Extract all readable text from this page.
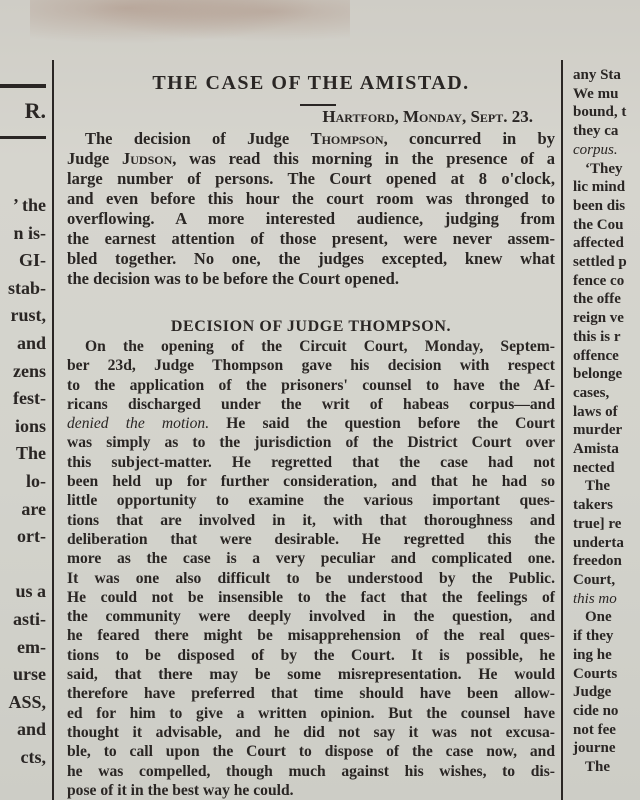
R.
’ the
n is-
GI-
stab-
rust,
and
zens
fest-
ions
The
lo-
are
ort-
us a
asti-
em-
urse
ASS,
and
cts,
THE CASE OF THE AMISTAD.
Hartford, Monday, Sept. 23.
The decision of Judge Thompson, concurred in by
Judge Judson, was read this morning in the presence of a
large number of persons. The Court opened at 8 o'clock,
and even before this hour the court room was thronged to
overflowing. A more interested audience, judging from
the earnest attention of those present, were never assem-
bled together. No one, the judges excepted, knew what
the decision was to be before the Court opened.
DECISION OF JUDGE THOMPSON.
On the opening of the Circuit Court, Monday, Septem-
ber 23d, Judge Thompson gave his decision with respect
to the application of the prisoners' counsel to have the Af-
ricans discharged under the writ of habeas corpus—and
denied the motion. He said the question before the Court
was simply as to the jurisdiction of the District Court over
this subject-matter. He regretted that the case had not
been held up for further consideration, and that he had so
little opportunity to examine the various important ques-
tions that are involved in it, with that thoroughness and
deliberation that were desirable. He regretted this the
more as the case is a very peculiar and complicated one.
It was one also difficult to be understood by the Public.
He could not be insensible to the fact that the feelings of
the community were deeply involved in the question, and
he feared there might be misapprehension of the real ques-
tions to be disposed of by the Court. It is possible, he
said, that there may be some misrepresentation. He would
therefore have preferred that time should have been allow-
ed for him to give a written opinion. But the counsel have
thought it advisable, and he did not say it was not excusa-
ble, to call upon the Court to dispose of the case now, and
he was compelled, though much against his wishes, to dis-
pose of it in the best way he could.
any Sta
We mu
bound, t
they ca
corpus.
‘They
lic mind
been dis
the Cou
affected
settled p
fence co
the offe
reign ve
this is r
offence
belonge
cases,
laws of
murder
Amista
nected
The
takers
true] re
underta
freedon
Court,
this mo
One
if they
ing he
Courts
Judge
cide no
not fee
journe
The
